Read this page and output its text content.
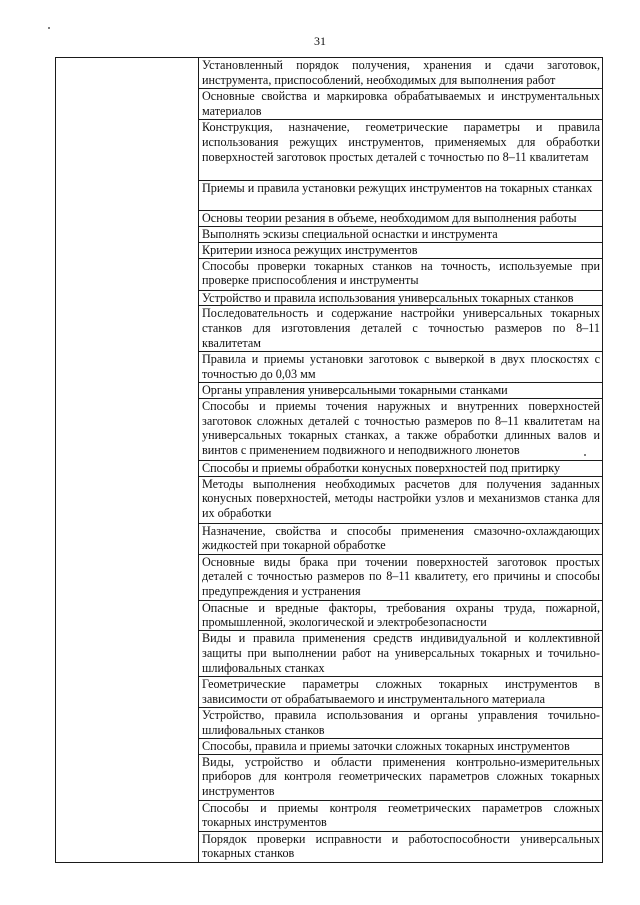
31
	Установленный порядок получения, хранения и сдачи заготовок, инструмента, приспособлений, необходимых для выполнения работ
Основные свойства и маркировка обрабатываемых и инструментальных материалов
Конструкция, назначение, геометрические параметры и правила использования режущих инструментов, применяемых для обработки поверхностей заготовок простых деталей с точностью по 8–11 квалитетам
Приемы и правила установки режущих инструментов на токарных станках
Основы теории резания в объеме, необходимом для выполнения работы
Выполнять эскизы специальной оснастки и инструмента
Критерии износа режущих инструментов
Способы проверки токарных станков на точность, используемые при проверке приспособления и инструменты
Устройство и правила использования универсальных токарных станков
Последовательность и содержание настройки универсальных токарных станков для изготовления деталей с точностью размеров по 8–11 квалитетам
Правила и приемы установки заготовок с выверкой в двух плоскостях с точностью до 0,03 мм
Органы управления универсальными токарными станками
Способы и приемы точения наружных и внутренних поверхностей заготовок сложных деталей с точностью размеров по 8–11 квалитетам на универсальных токарных станках, а также обработки длинных валов и винтов с применением подвижного и неподвижного люнетов
Способы и приемы обработки конусных поверхностей под притирку
Методы выполнения необходимых расчетов для получения заданных конусных поверхностей, методы настройки узлов и механизмов станка для их обработки
Назначение, свойства и способы применения смазочно-охлаждающих жидкостей при токарной обработке
Основные виды брака при точении поверхностей заготовок простых деталей с точностью размеров по 8–11 квалитету, его причины и способы предупреждения и устранения
Опасные и вредные факторы, требования охраны труда, пожарной, промышленной, экологической и электробезопасности
Виды и правила применения средств индивидуальной и коллективной защиты при выполнении работ на универсальных токарных и точильно-шлифовальных станках
Геометрические параметры сложных токарных инструментов в зависимости от обрабатываемого и инструментального материала
Устройство, правила использования и органы управления точильно-шлифовальных станков
Способы, правила и приемы заточки сложных токарных инструментов
Виды, устройство и области применения контрольно-измерительных приборов для контроля геометрических параметров сложных токарных инструментов
Способы и приемы контроля геометрических параметров сложных токарных инструментов
Порядок проверки исправности и работоспособности универсальных токарных станков
